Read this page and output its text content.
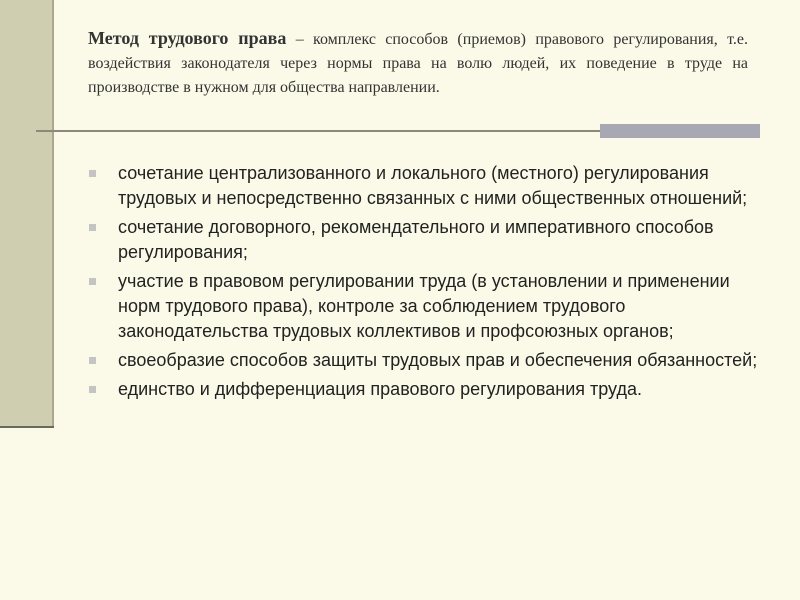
Метод трудового права – комплекс способов (приемов) правового регулирования, т.е. воздействия законодателя через нормы права на волю людей, их поведение в труде на производстве в нужном для общества направлении.

сочетание централизованного и локального (местного) регулирования трудовых и непосредственно связанных с ними общественных отношений;
сочетание договорного, рекомендательного и императивного способов регулирования;
участие в правовом регулировании труда (в установлении и применении норм трудового права), контроле за соблюдением трудового законодательства трудовых коллективов и профсоюзных органов;
своеобразие способов защиты трудовых прав и обеспечения обязанностей;
единство и дифференциация правового регулирования труда.
